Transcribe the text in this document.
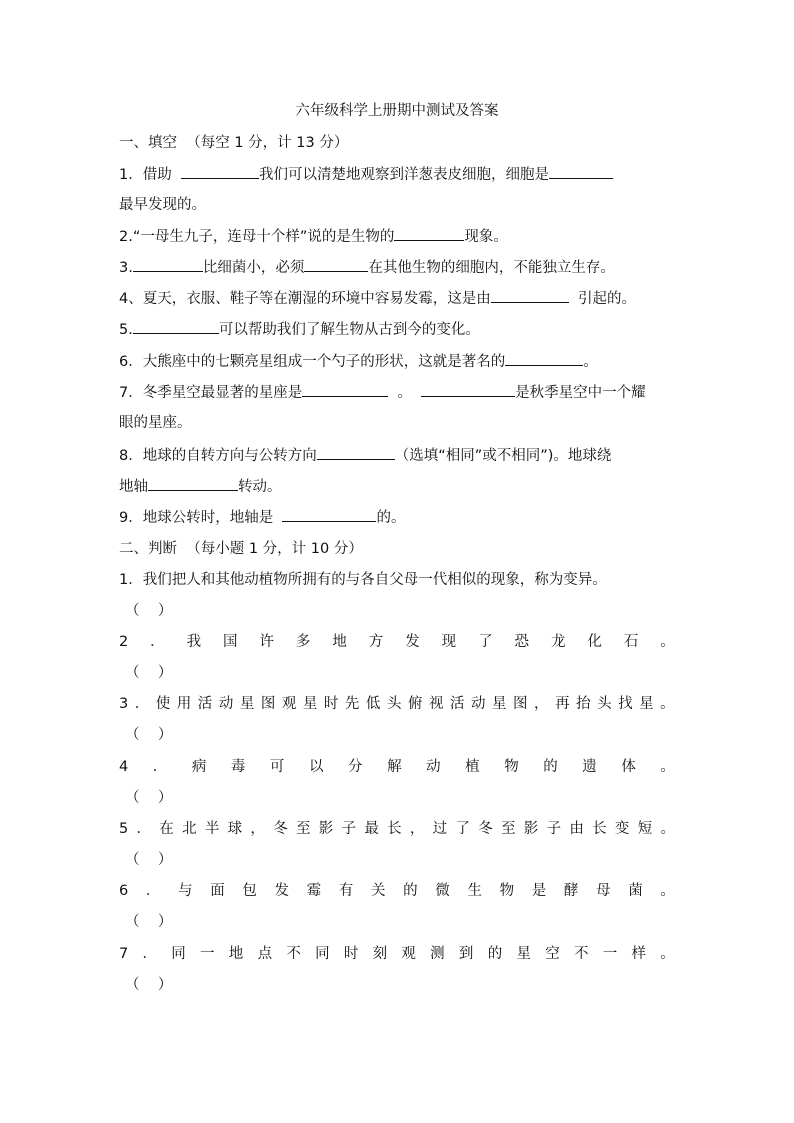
六年级科学上册期中测试及答案
一、填空 （每空 1 分，计 13 分）
1．借助	我们可以清楚地观察到洋葱表皮细胞，细胞是
最早发现的。
2.“一母生九子，连母十个样”说的是生物的	现象。
3.	比细菌小，必须	在其他生物的细胞内，不能独立生存。
4、夏天，衣服、鞋子等在潮湿的环境中容易发霉，这是由	引起的。
5.	可以帮助我们了解生物从古到今的变化。
6．大熊座中的七颗亮星组成一个勺子的形状，这就是著名的	。
7．冬季星空最显著的星座是	。	是秋季星空中一个耀
眼的星座。
8．地球的自转方向与公转方向	（选填“相同”或不相同”)。地球绕
地轴	转动。
9．地球公转时，地轴是	的。
二、判断 （每小题 1 分，计 10 分）
1．我们把人和其他动植物所拥有的与各自父母一代相似的现象，称为变异。
（    ）
2 ． 我 国 许 多 地 方 发 现 了 恐 龙 化 石 。
（    ）
3 ． 使 用 活 动 星 图 观 星 时 先 低 头 俯 视 活 动 星 图 ， 再 抬 头 找 星 。
（    ）
4 ． 病 毒 可 以 分 解 动 植 物 的 遗 体 。
（    ）
5 ． 在 北 半 球 ， 冬 至 影 子 最 长 ， 过 了 冬 至 影 子 由 长 变 短 。
（    ）
6 ． 与 面 包 发 霉 有 关 的 微 生 物 是 酵 母 菌 。
（    ）
7 ． 同 一 地 点 不 同 时 刻 观 测 到 的 星 空 不 一 样 。
（    ）
